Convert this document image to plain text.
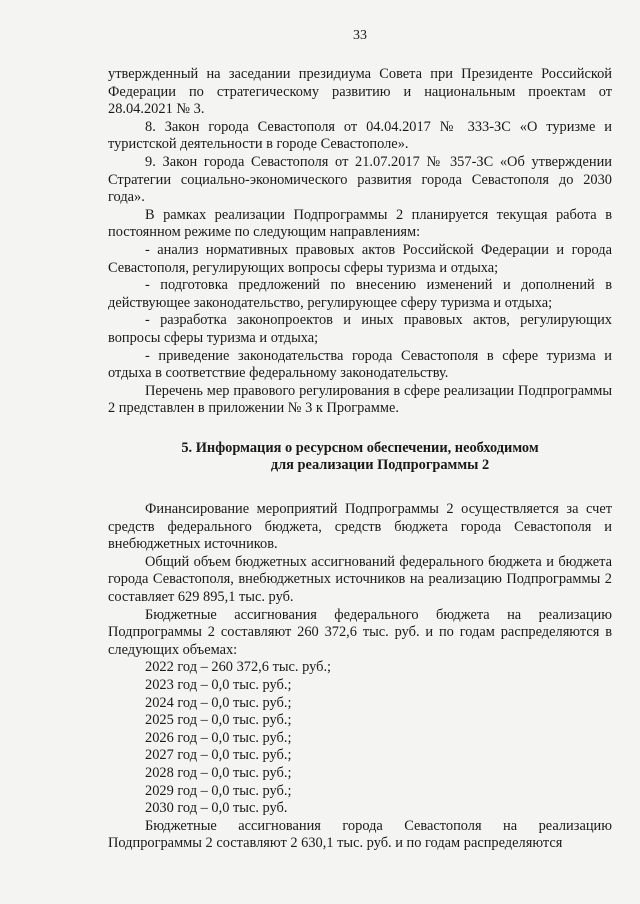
33

утвержденный на заседании президиума Совета при Президенте Российской Федерации по стратегическому развитию и национальным проектам от 28.04.2021 № 3.

8. Закон города Севастополя от 04.04.2017 № 333-ЗС «О туризме и туристской деятельности в городе Севастополе».

9. Закон города Севастополя от 21.07.2017 № 357-ЗС «Об утверждении Стратегии социально-экономического развития города Севастополя до 2030 года».

В рамках реализации Подпрограммы 2 планируется текущая работа в постоянном режиме по следующим направлениям:

- анализ нормативных правовых актов Российской Федерации и города Севастополя, регулирующих вопросы сферы туризма и отдыха;

- подготовка предложений по внесению изменений и дополнений в действующее законодательство, регулирующее сферу туризма и отдыха;

- разработка законопроектов и иных правовых актов, регулирующих вопросы сферы туризма и отдыха;

- приведение законодательства города Севастополя в сфере туризма и отдыха в соответствие федеральному законодательству.

Перечень мер правового регулирования в сфере реализации Подпрограммы 2 представлен в приложении № 3 к Программе.

5. Информация о ресурсном обеспечении, необходимом
для реализации Подпрограммы 2

Финансирование мероприятий Подпрограммы 2 осуществляется за счет средств федерального бюджета, средств бюджета города Севастополя и внебюджетных источников.

Общий объем бюджетных ассигнований федерального бюджета и бюджета города Севастополя, внебюджетных источников на реализацию Подпрограммы 2 составляет 629 895,1 тыс. руб.

Бюджетные ассигнования федерального бюджета на реализацию Подпрограммы 2 составляют 260 372,6 тыс. руб. и по годам распределяются в следующих объемах:

2022 год – 260 372,6 тыс. руб.;

2023 год – 0,0 тыс. руб.;

2024 год – 0,0 тыс. руб.;

2025 год – 0,0 тыс. руб.;

2026 год – 0,0 тыс. руб.;

2027 год – 0,0 тыс. руб.;

2028 год – 0,0 тыс. руб.;

2029 год – 0,0 тыс. руб.;

2030 год – 0,0 тыс. руб.

Бюджетные ассигнования города Севастополя на реализацию Подпрограммы 2 составляют 2 630,1 тыс. руб. и по годам распределяются
